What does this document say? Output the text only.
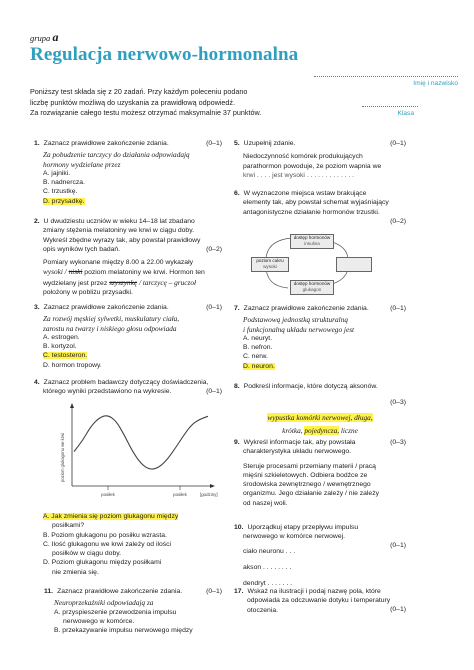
grupa a
Regulacja nerwowo-hormonalna
Poniższy test składa się z 20 zadań. Przy każdym poleceniu podano
liczbę punktów możliwą do uzyskania za prawidłową odpowiedź.
Za rozwiązanie całego testu możesz otrzymać maksymalnie 37 punktów.
Imię i nazwisko
Klasa
1. Zaznacz prawidłowe zakończenie zdania.	(0–1)
Za pobudzenie tarczycy do działania odpowiadają
hormony wydzielane przez
A. jajniki.
B. nadnercza.
C. trzustkę.
D. przysadkę.
2. U dwudziestu uczniów w wieku 14–18 lat zbadano
zmiany stężenia melatoniny we krwi w ciągu doby.
Wykreśl zbędne wyrazy tak, aby powstał prawidłowy
opis wyników tych badań.	(0–2)
Pomiary wykonane między 8.00 a 22.00 wykazały
wysoki / niski poziom melatoniny we krwi. Hormon ten
wydzielany jest przez szyszynkę / tarczycę – gruczoł
położony w pobliżu przysadki.
3. Zaznacz prawidłowe zakończenie zdania.	(0–1)
Za rozwój męskiej sylwetki, muskulatury ciała,
zarostu na twarzy i niskiego głosu odpowiada
A. estrogen.
B. kortyzol.
C. testosteron.
D. hormon tropowy.
4. Zaznacz problem badawczy dotyczący doświadczenia,
którego wyniki przedstawiono na wykresie.	(0–1)
poziom glukagonu we krwi
posiłek	posiłek	[godziny]
A. Jak zmienia się poziom glukagonu między
posiłkami?
B. Poziom glukagonu po posiłku wzrasta.
C. Ilość glukagonu we krwi zależy od ilości
posiłków w ciągu doby.
D. Poziom glukagonu między posiłkami
nie zmienia się.
11. Zaznacz prawidłowe zakończenie zdania.	(0–1)
Neuroprzekaźniki odpowiadają za
A. przyspieszenie przewodzenia impulsu
nerwowego w komórce.
B. przekazywanie impulsu nerwowego między
5. Uzupełnij zdanie.	(0–1)
Niedoczynność komórek produkujących
parathormon powoduje, że poziom wapnia we
krwi . . . . jest wysoki . . . . . . . . . . . . .
6. W wyznaczone miejsca wstaw brakujące
elementy tak, aby powstał schemat wyjaśniający
antagonistyczne działanie hormonów trzustki.
(0–2)
dostęp hormonów
insulina
poziom cukru
wysoki
dostęp hormonów
glukagon
7. Zaznacz prawidłowe zakończenie zdania.	(0–1)
Podstawową jednostką strukturalną
i funkcjonalną układu nerwowego jest
A. neuryt.
B. nefron.
C. nerw.
D. neuron.
8. Podkreśl informacje, które dotyczą aksonów.
(0–3)
wypustka komórki nerwowej, długa,
krótka, pojedyncza, liczne
9. Wykreśl informacje tak, aby powstała
charakterystyka układu nerwowego.
(0–3)
Steruje procesami przemiany materii / pracą
mięśni szkieletowych. Odbiera bodźce ze
środowiska zewnętrznego / wewnętrznego
organizmu. Jego działanie zależy / nie zależy
od naszej woli.
10. Uporządkuj etapy przepływu impulsu
nerwowego w komórce nerwowej.
(0–1)
ciało neuronu . . .
akson . . . . . . . .
dendryt . . . . . . .
17. Wskaż na ilustracji i podaj nazwę pola, które
odpowiada za odczuwanie dotyku i temperatury
otoczenia.	(0–1)
